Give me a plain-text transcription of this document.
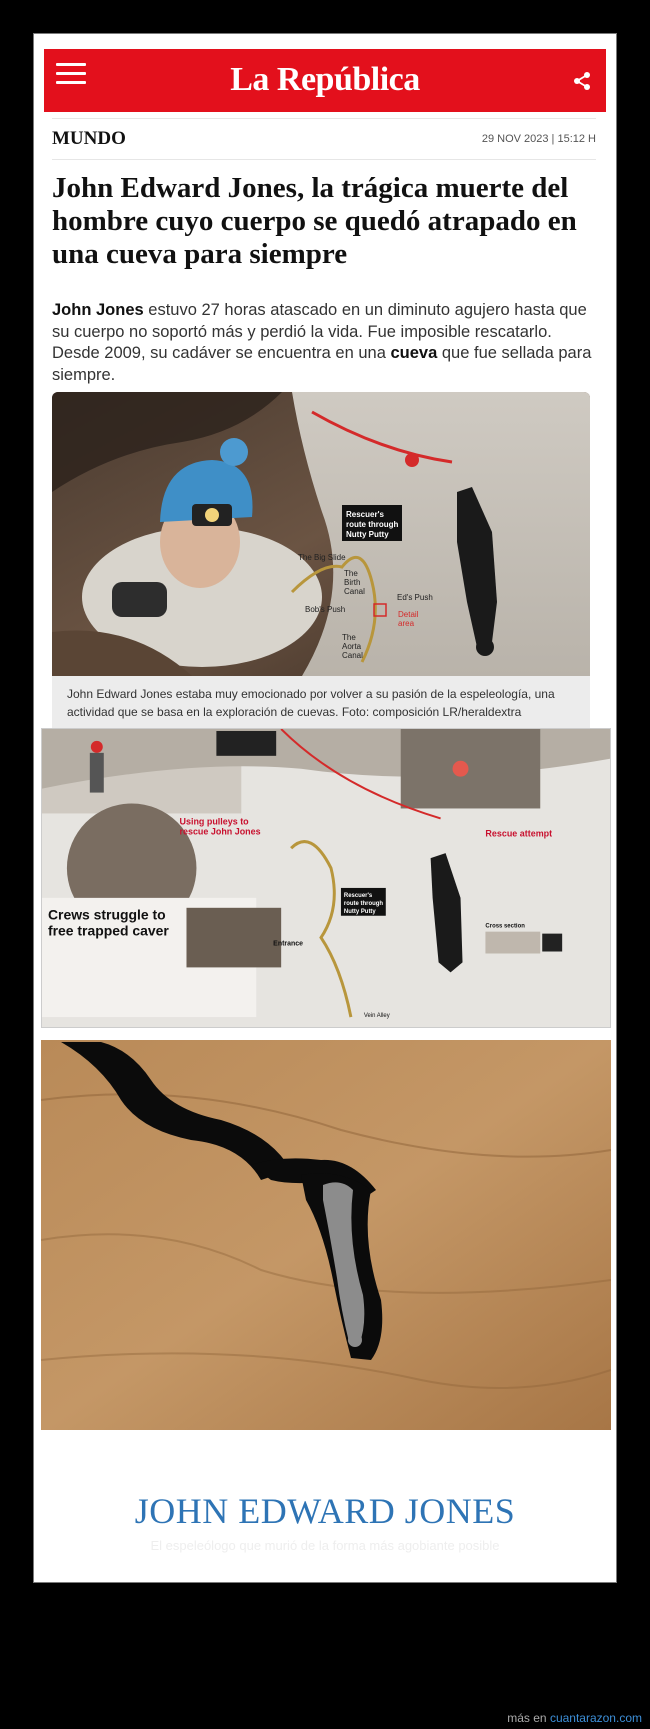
La República
MUNDO	29 NOV 2023 | 15:12 H
John Edward Jones, la trágica muerte del hombre cuyo cuerpo se quedó atrapado en una cueva para siempre

John Jones estuvo 27 horas atascado en un diminuto agujero hasta que su cuerpo no soportó más y perdió la vida. Fue imposible rescatarlo. Desde 2009, su cadáver se encuentra en una cueva que fue sellada para siempre.

Rescuer's
route through
Nutty Putty
The Big Slide
The
Birth
Canal
Ed's Push
Bob's Push
Detail
area
The
Aorta
Canal
John Edward Jones estaba muy emocionado por volver a su pasión de la espeleología, una actividad que se basa en la exploración de cuevas. Foto: composición LR/heraldextra
Using pulleys to
rescue John Jones
Crews struggle to
free trapped caver
Rescuer's
route through
Nutty Putty
Entrance
Vein Alley
Rescue attempt
Cross section
JOHN EDWARD JONES
El espeleólogo que murió de la forma más agobiante posible
más en cuantarazon.com
